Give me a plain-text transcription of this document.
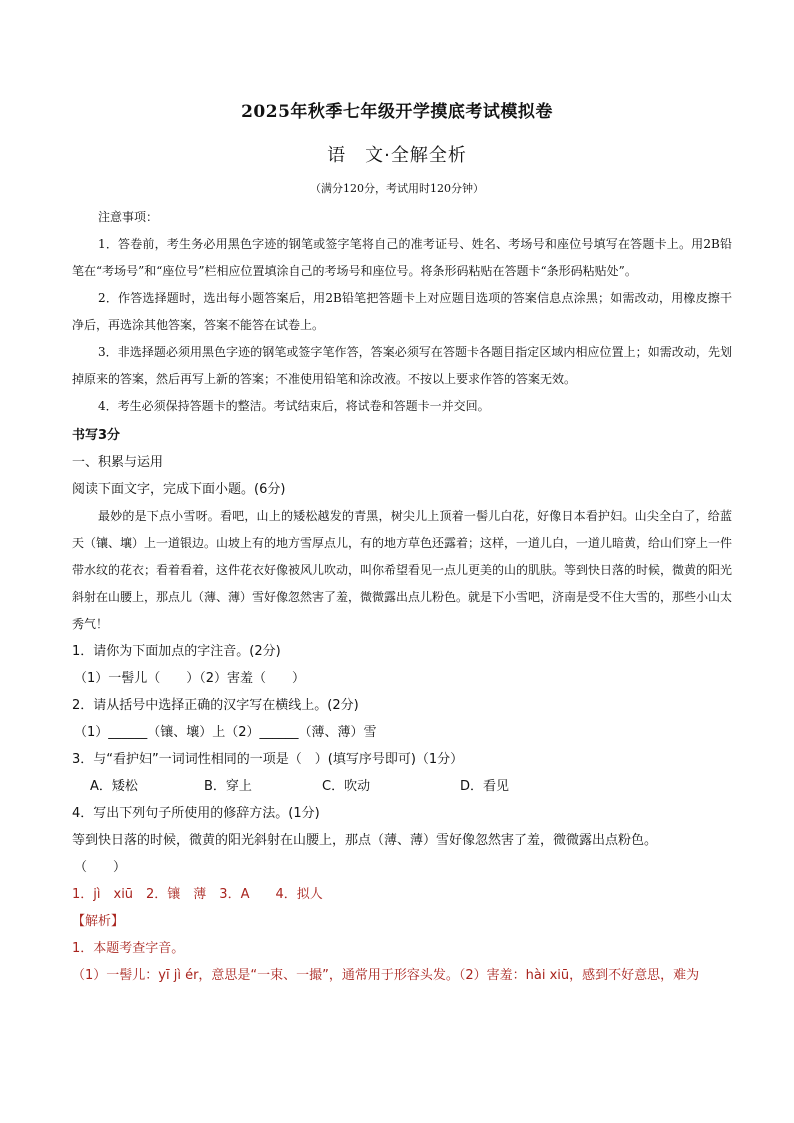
2025年秋季七年级开学摸底考试模拟卷
语　文·全解全析
（满分120分，考试用时120分钟）

注意事项：

1．答卷前，考生务必用黑色字迹的钢笔或签字笔将自己的准考证号、姓名、考场号和座位号填写在答题卡上。用2B铅笔在“考场号”和“座位号”栏相应位置填涂自己的考场号和座位号。将条形码粘贴在答题卡“条形码粘贴处”。

2．作答选择题时，选出每小题答案后，用2B铅笔把答题卡上对应题目选项的答案信息点涂黑；如需改动，用橡皮擦干净后，再选涂其他答案，答案不能答在试卷上。

3．非选择题必须用黑色字迹的钢笔或签字笔作答，答案必须写在答题卡各题目指定区域内相应位置上；如需改动，先划掉原来的答案，然后再写上新的答案；不准使用铅笔和涂改液。不按以上要求作答的答案无效。

4．考生必须保持答题卡的整洁。考试结束后，将试卷和答题卡一并交回。

书写3分

一、积累与运用

阅读下面文字，完成下面小题。(6分)

最妙的是下点小雪呀。看吧，山上的矮松越发的青黑，树尖儿上顶着一髻儿白花，好像日本看护妇。山尖全白了，给蓝天（镶、壤）上一道银边。山坡上有的地方雪厚点儿，有的地方草色还露着；这样，一道儿白，一道儿暗黄，给山们穿上一件带水纹的花衣；看着看着，这件花衣好像被风儿吹动，叫你希望看见一点儿更美的山的肌肤。等到快日落的时候，微黄的阳光斜射在山腰上，那点儿（薄、薄）雪好像忽然害了羞，微微露出点儿粉色。就是下小雪吧，济南是受不住大雪的，那些小山太秀气！

1．请你为下面加点的字注音。(2分)

（1）一髻儿（　　）（2）害羞（　　）

2．请从括号中选择正确的汉字写在横线上。(2分)

（1）______（镶、壤）上（2）______（薄、薄）雪

3．与“看护妇”一词词性相同的一项是（　）(填写序号即可)（1分）

A．矮松	B．穿上	C．吹动	D．看见

4．写出下列句子所使用的修辞方法。(1分)

等到快日落的时候，微黄的阳光斜射在山腰上，那点（薄、薄）雪好像忽然害了羞，微微露出点粉色。

（　　）

1．jì　xiū　2．镶　薄　3．A　　4．拟人

【解析】

1．本题考查字音。

（1）一髻儿：yī jì ér，意思是“一束、一撮”，通常用于形容头发。（2）害羞：hài xiū，感到不好意思，难为
